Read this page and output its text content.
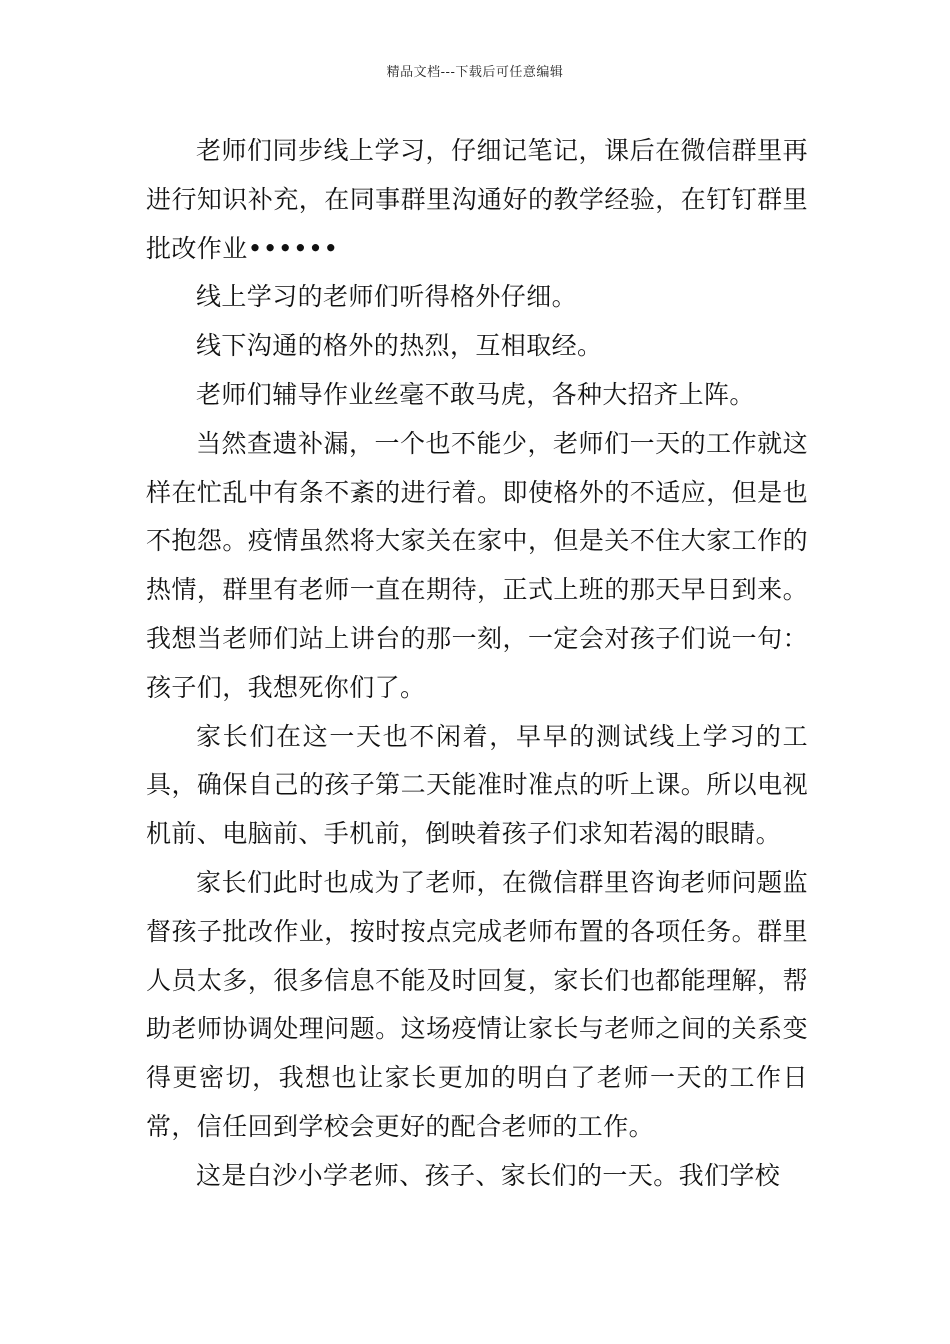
精品文档---下载后可任意编辑

老师们同步线上学习，仔细记笔记，课后在微信群里再进行知识补充，在同事群里沟通好的教学经验，在钉钉群里批改作业••••••

线上学习的老师们听得格外仔细。

线下沟通的格外的热烈，互相取经。

老师们辅导作业丝毫不敢马虎，各种大招齐上阵。

当然查遗补漏，一个也不能少，老师们一天的工作就这样在忙乱中有条不紊的进行着。即使格外的不适应，但是也不抱怨。疫情虽然将大家关在家中，但是关不住大家工作的热情，群里有老师一直在期待，正式上班的那天早日到来。我想当老师们站上讲台的那一刻，一定会对孩子们说一句：孩子们，我想死你们了。

家长们在这一天也不闲着，早早的测试线上学习的工具，确保自己的孩子第二天能准时准点的听上课。所以电视机前、电脑前、手机前，倒映着孩子们求知若渴的眼睛。

家长们此时也成为了老师，在微信群里咨询老师问题监督孩子批改作业，按时按点完成老师布置的各项任务。群里人员太多，很多信息不能及时回复，家长们也都能理解，帮助老师协调处理问题。这场疫情让家长与老师之间的关系变得更密切，我想也让家长更加的明白了老师一天的工作日常，信任回到学校会更好的配合老师的工作。

这是白沙小学老师、孩子、家长们的一天。我们学校
